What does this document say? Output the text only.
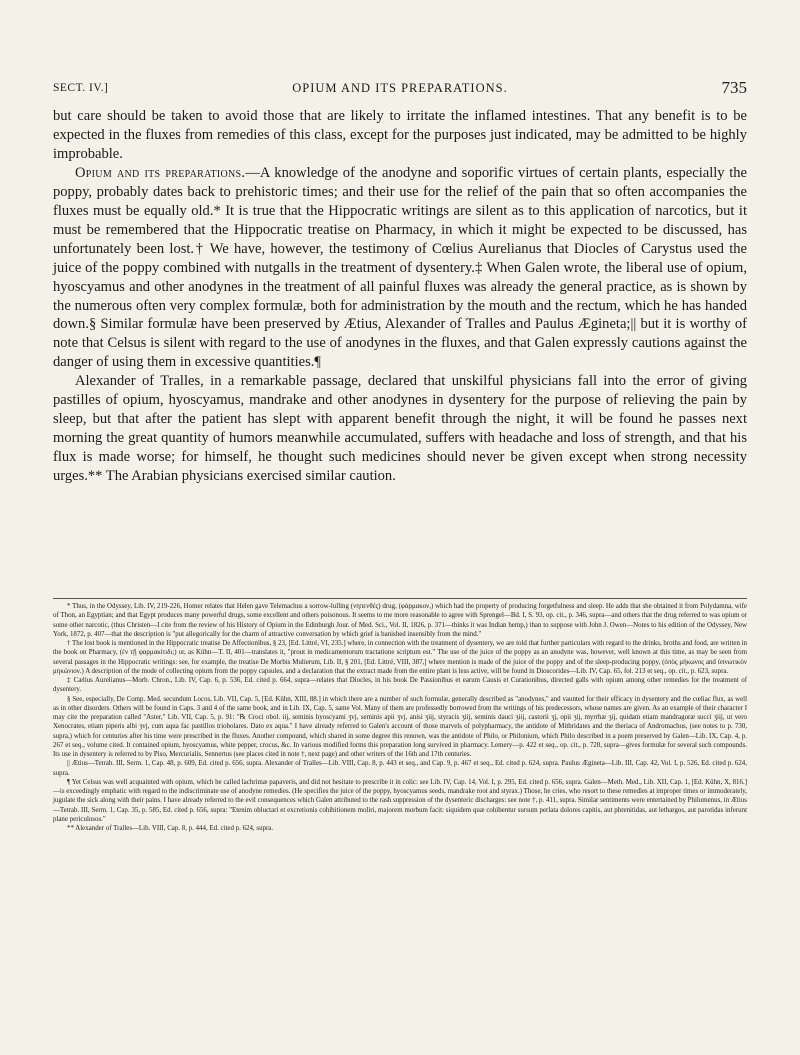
SECT. IV.]	OPIUM AND ITS PREPARATIONS.	735

but care should be taken to avoid those that are likely to irritate the inflamed intestines. That any benefit is to be expected in the fluxes from remedies of this class, except for the purposes just indicated, may be admitted to be highly improbable.

Opium and its preparations.—A knowledge of the anodyne and soporific virtues of certain plants, especially the poppy, probably dates back to prehistoric times; and their use for the relief of the pain that so often accompanies the fluxes must be equally old.* It is true that the Hippocratic writings are silent as to this application of narcotics, but it must be remembered that the Hippocratic treatise on Pharmacy, in which it might be expected to be discussed, has unfortunately been lost.† We have, however, the testimony of Cœlius Aurelianus that Diocles of Carystus used the juice of the poppy combined with nutgalls in the treatment of dysentery.‡ When Galen wrote, the liberal use of opium, hyoscyamus and other anodynes in the treatment of all painful fluxes was already the general practice, as is shown by the numerous often very complex formulæ, both for administration by the mouth and the rectum, which he has handed down.§ Similar formulæ have been preserved by Ætius, Alexander of Tralles and Paulus Ægineta;|| but it is worthy of note that Celsus is silent with regard to the use of anodynes in the fluxes, and that Galen expressly cautions against the danger of using them in excessive quantities.¶

Alexander of Tralles, in a remarkable passage, declared that unskilful physicians fall into the error of giving pastilles of opium, hyoscyamus, mandrake and other anodynes in dysentery for the purpose of relieving the pain by sleep, but that after the patient has slept with apparent benefit through the night, it will be found he passes next morning the great quantity of humors meanwhile accumulated, suffers with headache and loss of strength, and that his flux is made worse; for himself, he thought such medicines should never be given except when strong necessity urges.** The Arabian physicians exercised similar caution.

* Thus, in the Odyssey, Lib. IV, 219-226, Homer relates that Helen gave Telemachus a sorrow-lulling (νηπενθές) drug, (φάρμακον,) which had the property of producing forgetfulness and sleep. He adds that she obtained it from Polydamna, wife of Thon, an Egyptian; and that Egypt produces many powerful drugs, some excellent and others poisonous. It seems to me more reasonable to agree with Sprengel—Bd. I, S. 93, op. cit., p. 346, supra—and others that the drug referred to was opium or some other narcotic, (thus Christen—I cite from the review of his History of Opium in the Edinburgh Jour. of Med. Sci., Vol. II, 1826, p. 371—thinks it was Indian hemp,) than to suppose with John J. Owen—Notes to his edition of the Odyssey, New York, 1872, p. 407—that the description is "put allegorically for the charm of attractive conversation by which grief is banished insensibly from the mind."

† The lost book is mentioned in the Hippocratic treatise De Affectionibus, § 23, [Ed. Littré, VI, 235.] where, in connection with the treatment of dysentery, we are told that further particulars with regard to the drinks, broths and food, are written in the book on Pharmacy, (ἐν τῇ φαρμακίτιδι;) or, as Kühn—T. II, 401—translates it, "prout in medicamentorum tractatione scriptum est." The use of the juice of the poppy as an anodyne was, however, well known at this time, as may be seen from several passages in the Hippocratic writings: see, for example, the treatise De Morbis Mulierum, Lib. II, § 201, [Ed. Littré, VIII, 387,] where mention is made of the juice of the poppy and of the sleep-producing poppy, (ὀπὸς μήκωνος and ὑπνωτικὸν μηκώνιον.) A description of the mode of collecting opium from the poppy capsules, and a declaration that the extract made from the entire plant is less active, will be found in Dioscorides—Lib. IV, Cap. 65, fol. 213 et seq., op. cit., p. 623, supra.

‡ Cælius Aurelianus—Morb. Chron., Lib. IV, Cap. 6, p. 536, Ed. cited p. 664, supra—relates that Diocles, in his book De Passionibus et earum Causis et Curationibus, directed galls with opium among other remedies for the treatment of dysentery.

§ See, especially, De Comp. Med. secundum Locos, Lib. VII, Cap. 5, [Ed. Kühn, XIII, 88.] in which there are a number of such formulæ, generally described as "anodynes," and vaunted for their efficacy in dysentery and the cœliac flux, as well as in other disorders. Others will be found in Caps. 3 and 4 of the same book, and in Lib. IX, Cap. 5, same Vol. Many of them are professedly borrowed from the writings of his predecessors, whose names are given. As an example of their character I may cite the preparation called "Aster," Lib. VII, Cap. 5, p. 91: "℞ Croci obol. iij, seminis hyoscyami ʒvj, seminis apii ʒvj, anisi ʒiij, styracis ʒiij, seminis dauci ʒiij, castorii ʒj, opii ʒij, myrrhæ ʒij, quidam etiam mandragoræ succi ʒiij, ut vero Xenocrates, etiam piperis albi ʒvj, cum aqua fac pastillos triobolares. Dato ex aqua." I have already referred to Galen's account of those marvels of polypharmacy, the antidote of Mithridates and the theriaca of Andromachus, (see notes to p. 730, supra,) which for centuries after his time were prescribed in the fluxes. Another compound, which shared in some degree this renown, was the antidote of Philo, or Philonium, which Philo described in a poem preserved by Galen—Lib. IX, Cap. 4, p. 267 et seq., volume cited. It contained opium, hyoscyamus, white pepper, crocus, &c. In various modified forms this preparation long survived in pharmacy. Lemery—p. 422 et seq., op. cit., p. 728, supra—gives formulæ for several such compounds. Its use in dysentery is referred to by Piso, Mercurialis, Sennertus (see places cited in note †, next page) and other writers of the 16th and 17th centuries.

|| Ætius—Tetrab. III, Serm. 1, Cap. 48, p. 609, Ed. cited p. 656, supra. Alexander of Tralles—Lib. VIII, Cap. 8, p. 443 et seq., and Cap. 9, p. 467 et seq., Ed. cited p. 624, supra. Paulus Ægineta—Lib. III, Cap. 42, Vol. I, p. 526, Ed. cited p. 624, supra.

¶ Yet Celsus was well acquainted with opium, which he called lachrimæ papaveris, and did not hesitate to prescribe it in colic: see Lib. IV, Cap. 14, Vol. I, p. 295, Ed. cited p. 656, supra. Galen—Meth. Med., Lib. XII, Cap. 1, [Ed. Kühn, X, 816.]—is exceedingly emphatic with regard to the indiscriminate use of anodyne remedies. (He specifies the juice of the poppy, hyoscyamus seeds, mandrake root and styrax.) Those, he cries, who resort to these remedies at improper times or immoderately, jugulate the sick along with their pains. I have already referred to the evil consequences which Galen attributed to the rash suppression of the dysenteric discharges: see note †, p. 411, supra. Similar sentiments were entertained by Philumenus, in Ætius—Tetrab. III, Serm. 1, Cap. 35, p. 585, Ed. cited p. 656, supra: "Etenim obluctari et excretionis cohibitionem moliri, majorem morbum facit: siquidem quæ cohibentur sursum perlata dolores capitis, aut phrenitidas, aut lethargos, aut parotidas inferunt plane periculosos."

** Alexander of Tralles—Lib. VIII, Cap. 8, p. 444, Ed. cited p. 624, supra.
